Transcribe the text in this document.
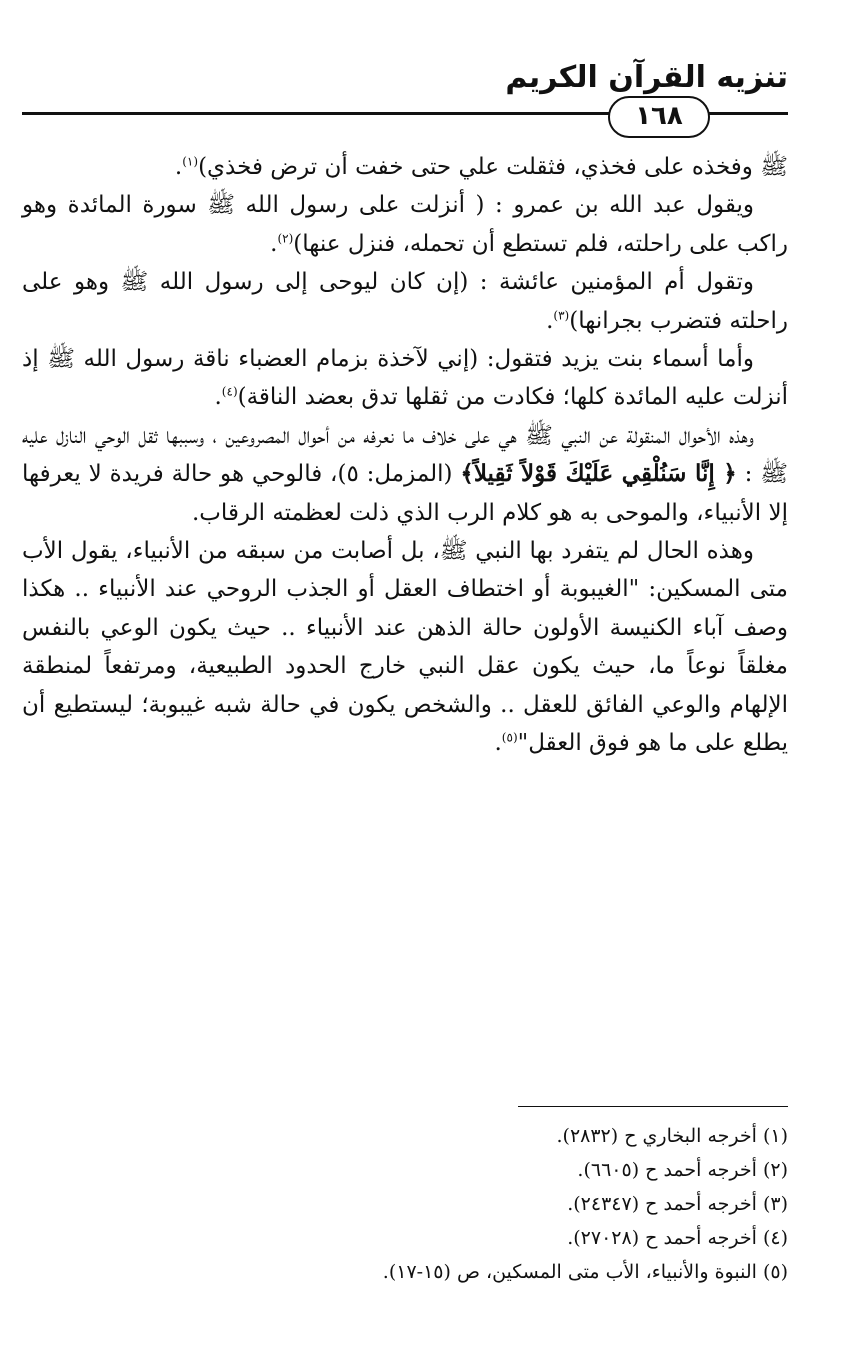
تنزيه القرآن الكريم
١٦٨

ﷺ وفخذه على فخذي، فثقلت علي حتى خفت أن ترض فخذي)$^{(١)}$.

ويقول عبد الله بن عمرو : ( أنزلت على رسول الله ﷺ سورة المائدة وهو راكب على راحلته، فلم تستطع أن تحمله، فنزل عنها)$^{(٢)}$.

وتقول أم المؤمنين عائشة : (إن كان ليوحى إلى رسول الله ﷺ وهو على راحلته فتضرب بجرانها)$^{(٣)}$.

وأما أسماء بنت يزيد فتقول: (إني لآخذة بزمام العضباء ناقة رسول الله ﷺ إذ أنزلت عليه المائدة كلها؛ فكادت من ثقلها تدق بعضد الناقة)$^{(٤)}$.

وهذه الأحوال المنقولة عن النبي ﷺ هي على خلاف ما نعرفه من أحوال المصروعين ، وسببها ثقل الوحي النازل عليه ﷺ : ﴿ إِنَّا سَنُلْقِي عَلَيْكَ قَوْلاً ثَقِيلاً﴾ (المزمل: ٥)، فالوحي هو حالة فريدة لا يعرفها إلا الأنبياء، والموحى به هو كلام الرب الذي ذلت لعظمته الرقاب.

وهذه الحال لم يتفرد بها النبي ﷺ، بل أصابت من سبقه من الأنبياء، يقول الأب متى المسكين: "الغيبوبة أو اختطاف العقل أو الجذب الروحي عند الأنبياء .. هكذا وصف آباء الكنيسة الأولون حالة الذهن عند الأنبياء .. حيث يكون الوعي بالنفس مغلقاً نوعاً ما، حيث يكون عقل النبي خارج الحدود الطبيعية، ومرتفعاً لمنطقة الإلهام والوعي الفائق للعقل .. والشخص يكون في حالة شبه غيبوبة؛ ليستطيع أن يطلع على ما هو فوق العقل"$^{(٥)}$.

(١) أخرجه البخاري ح (٢٨٣٢).

(٢) أخرجه أحمد ح (٦٦٠٥).

(٣) أخرجه أحمد ح (٢٤٣٤٧).

(٤) أخرجه أحمد ح (٢٧٠٢٨).

(٥) النبوة والأنبياء، الأب متى المسكين، ص (١٥-١٧).
